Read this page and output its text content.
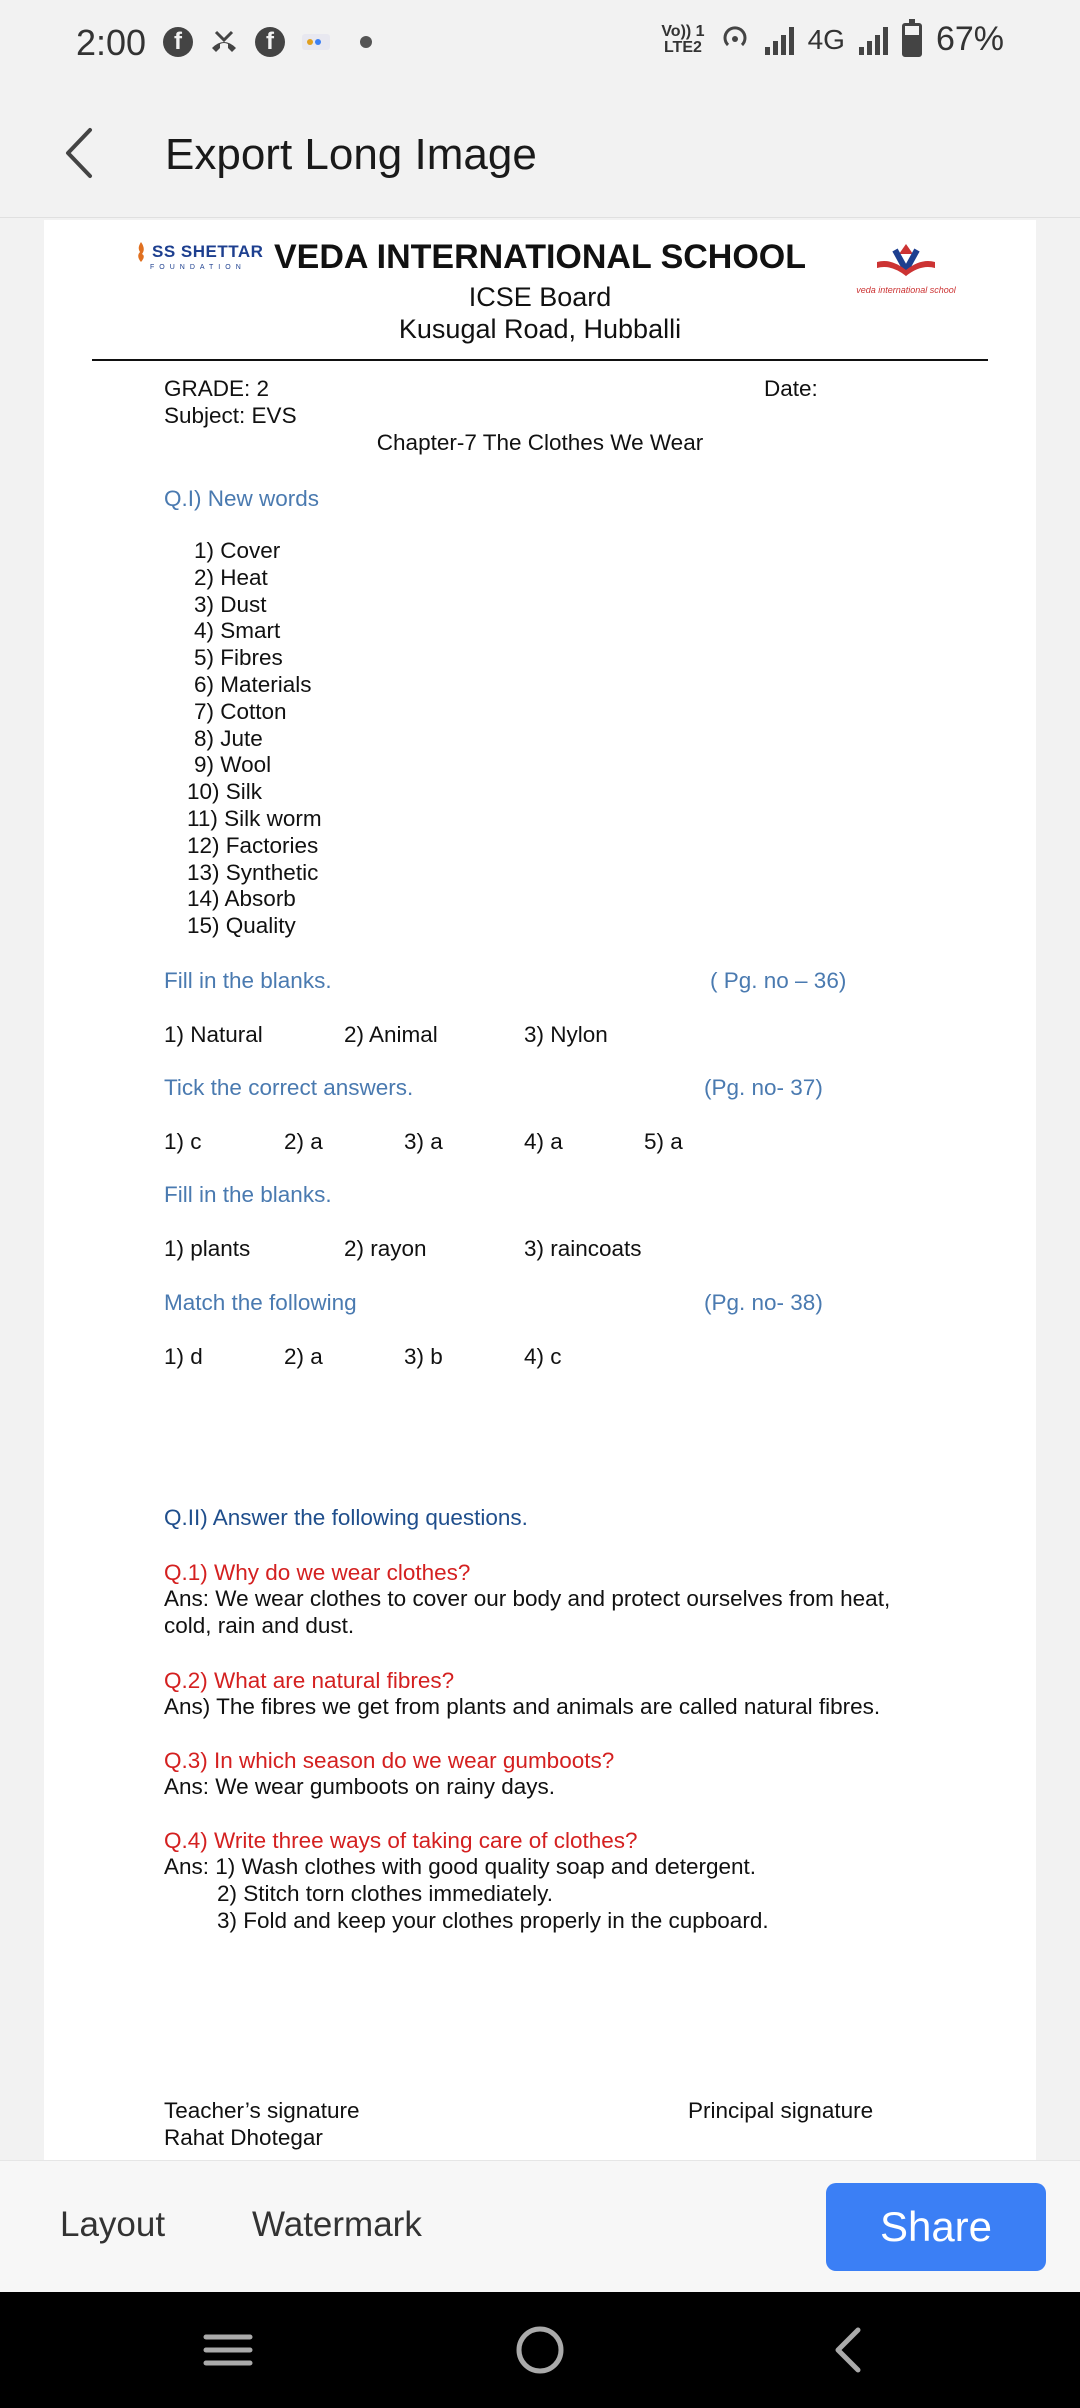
2:00	f	f	Vo)) 1
LTE2	4G	67%
Export Long Image
SS SHETTAR
FOUNDATION VEDA INTERNATIONAL SCHOOL
ICSE Board
Kusugal Road, Hubballi
veda international school
GRADE: 2	Date:
Subject: EVS
Chapter-7 The Clothes We Wear
Q.I) New words
Fill in the blanks.	( Pg. no – 36)
Tick the correct answers.	(Pg. no- 37)
Fill in the blanks.
Match the following	(Pg. no- 38)
Q.II) Answer the following questions.
Teacher’s signature
Rahat Dhotegar
Principal signature
1) Cover
2) Heat
3) Dust
4) Smart
5) Fibres
6) Materials
7) Cotton
8) Jute
9) Wool
10) Silk
11) Silk worm
12) Factories
13) Synthetic
14) Absorb
15) Quality
1) Natural	2) Animal	3) Nylon
1) c	2) a	3) a	4) a	5) a
1) plants	2) rayon	3) raincoats
1) d	2) a	3) b	4) c
Q.1) Why do we wear clothes?
Ans: We wear clothes to cover our body and protect ourselves from heat,
cold, rain and dust.
Q.2) What are natural fibres?
Ans) The fibres we get from plants and animals are called natural fibres.
Q.3) In which season do we wear gumboots?
Ans: We wear gumboots on rainy days.
Q.4) Write three ways of taking care of clothes?
Ans: 1) Wash clothes with good quality soap and detergent.
2) Stitch torn clothes immediately.
3) Fold and keep your clothes properly in the cupboard.
Layout Watermark	Share
